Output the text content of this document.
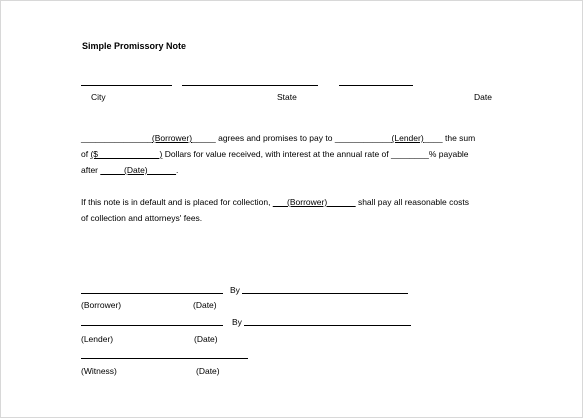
Simple Promissory Note
City	State	Date
_______________(Borrower)_____ agrees and promises to pay to ____________(Lender)____ the sum
of ($_____________) Dollars for value received, with interest at the annual rate of ________% payable
after _____(Date)______.
If this note is in default and is placed for collection, ___(Borrower)______ shall pay all reasonable costs
of collection and attorneys' fees.
By
(Borrower)	(Date)
By
(Lender)	(Date)
(Witness)	(Date)
